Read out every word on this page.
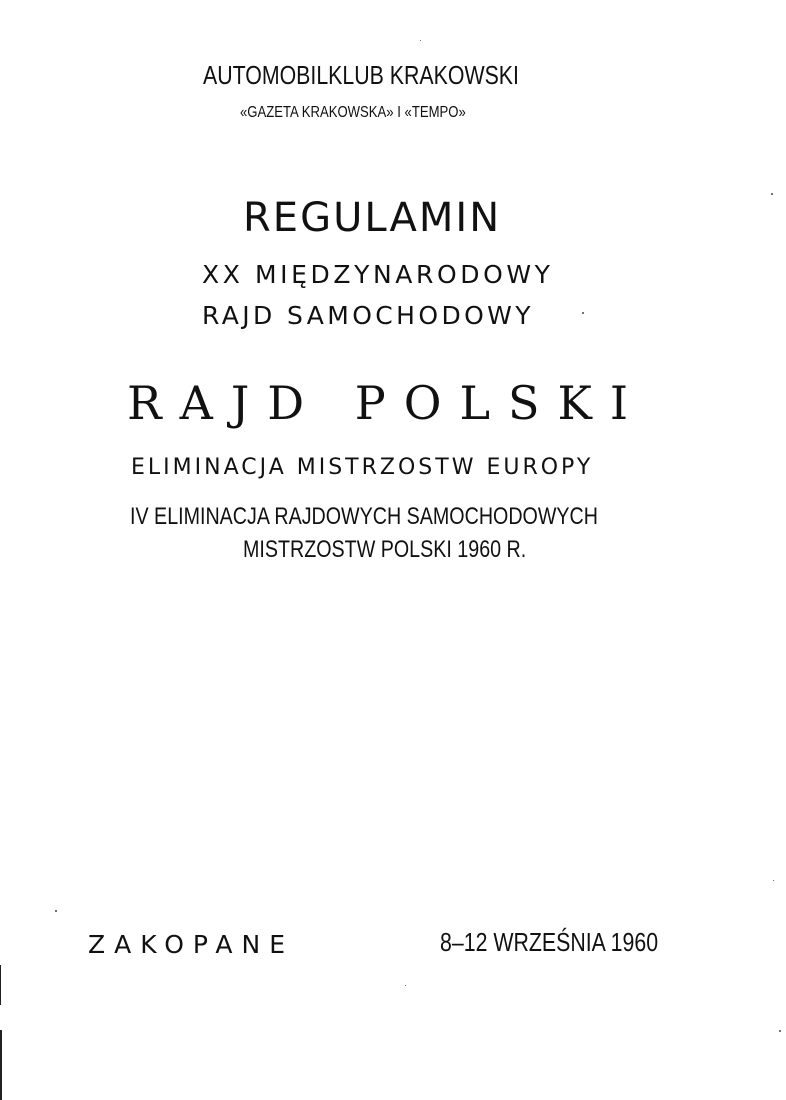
AUTOMOBILKLUB KRAKOWSKI
«GAZETA KRAKOWSKA» I «TEMPO»
REGULAMIN
XX MIĘDZYNARODOWY
RAJD SAMOCHODOWY
RAJD POLSKI
ELIMINACJA MISTRZOSTW EUROPY
IV ELIMINACJA RAJDOWYCH SAMOCHODOWYCH
MISTRZOSTW POLSKI 1960 R.
ZAKOPANE	8–12 WRZEŚNIA 1960
